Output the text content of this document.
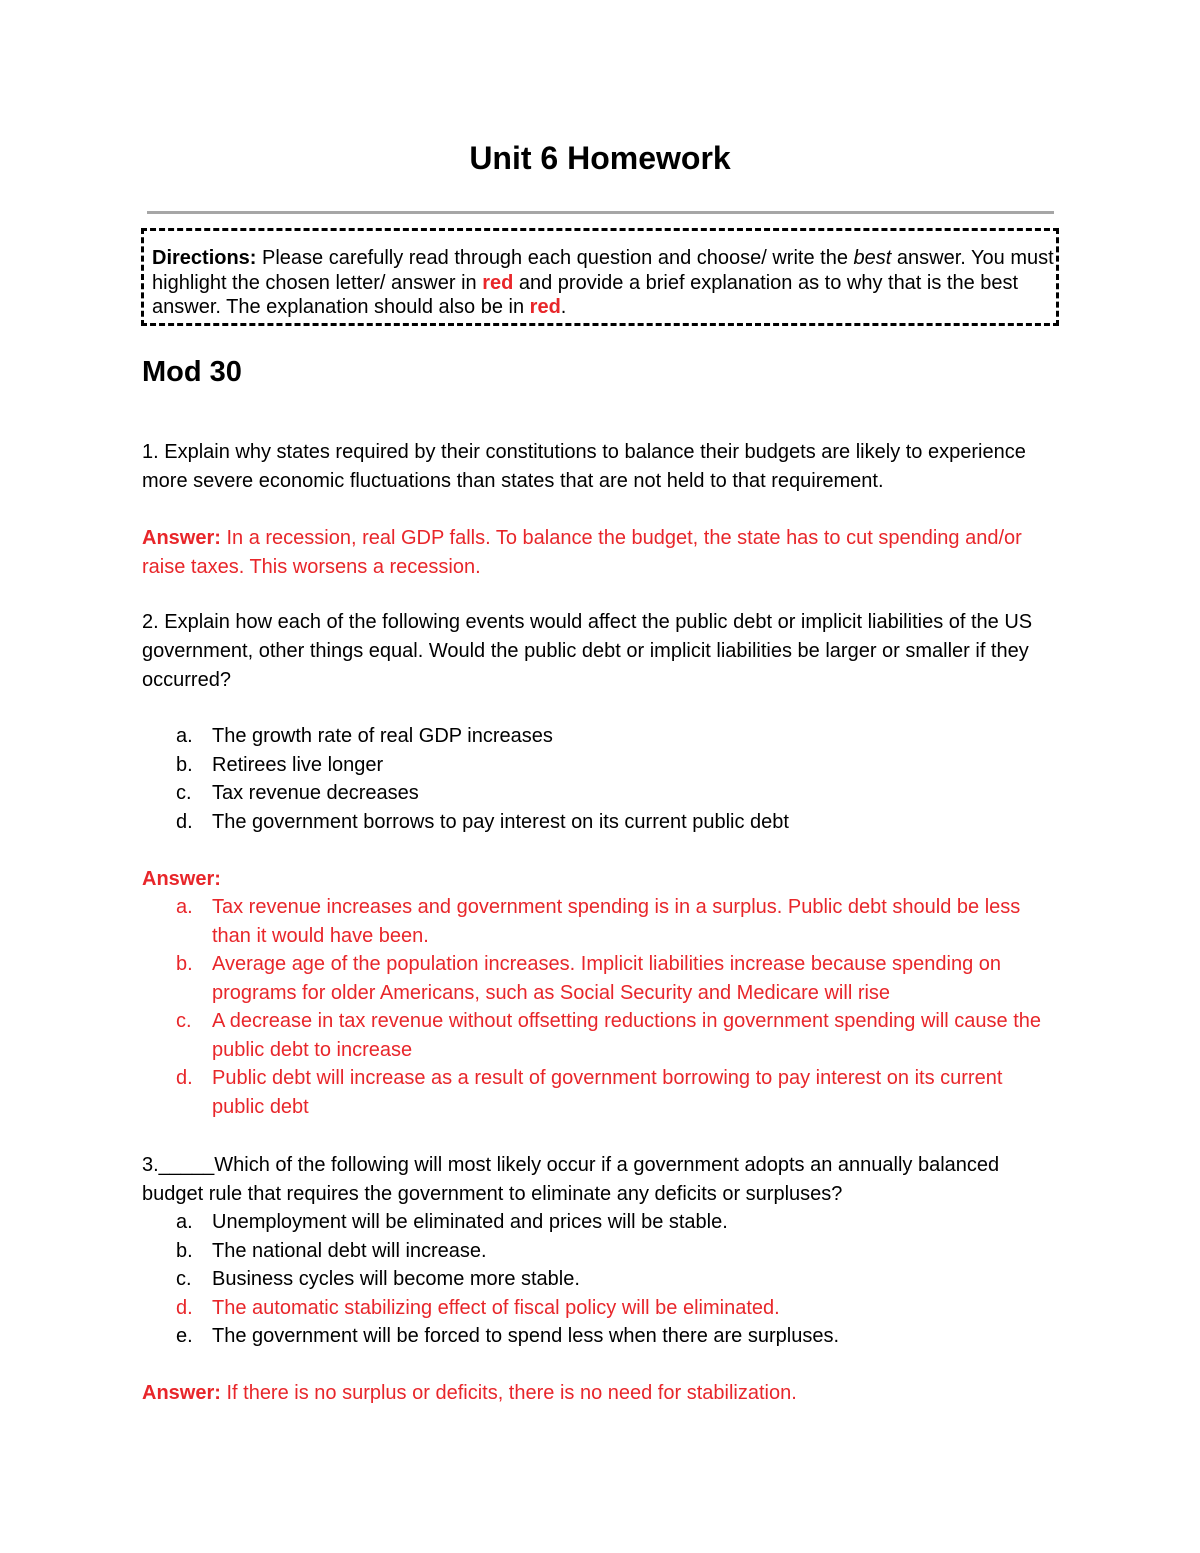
Unit 6 Homework
Directions: Please carefully read through each question and choose/ write the best answer. You must highlight the chosen letter/ answer in red and provide a brief explanation as to why that is the best answer. The explanation should also be in red.
Mod 30
1. Explain why states required by their constitutions to balance their budgets are likely to experience more severe economic fluctuations than states that are not held to that requirement.
Answer: In a recession, real GDP falls. To balance the budget, the state has to cut spending and/or raise taxes. This worsens a recession.
2. Explain how each of the following events would affect the public debt or implicit liabilities of the US government, other things equal. Would the public debt or implicit liabilities be larger or smaller if they occurred?
a. The growth rate of real GDP increases
b. Retirees live longer
c. Tax revenue decreases
d. The government borrows to pay interest on its current public debt
Answer:
a. Tax revenue increases and government spending is in a surplus. Public debt should be less than it would have been.
b. Average age of the population increases. Implicit liabilities increase because spending on programs for older Americans, such as Social Security and Medicare will rise
c. A decrease in tax revenue without offsetting reductions in government spending will cause the public debt to increase
d. Public debt will increase as a result of government borrowing to pay interest on its current public debt
3._____Which of the following will most likely occur if a government adopts an annually balanced budget rule that requires the government to eliminate any deficits or surpluses?
a. Unemployment will be eliminated and prices will be stable.
b. The national debt will increase.
c. Business cycles will become more stable.
d. The automatic stabilizing effect of fiscal policy will be eliminated.
e. The government will be forced to spend less when there are surpluses.
Answer: If there is no surplus or deficits, there is no need for stabilization.
